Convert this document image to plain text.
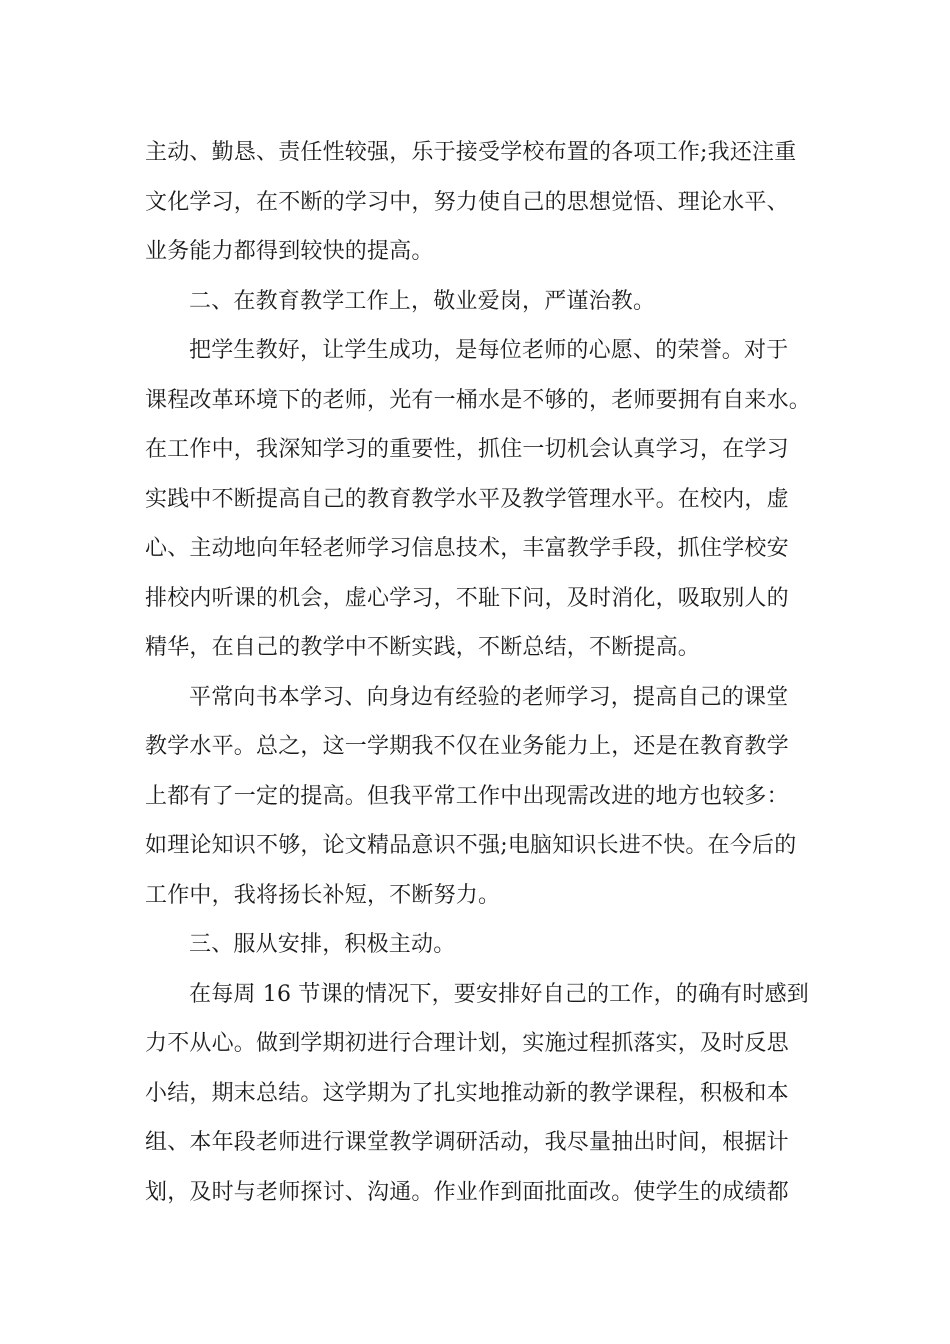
主动、勤恳、责任性较强，乐于接受学校布置的各项工作;我还注重
文化学习，在不断的学习中，努力使自己的思想觉悟、理论水平、
业务能力都得到较快的提高。
二、在教育教学工作上，敬业爱岗，严谨治教。
把学生教好，让学生成功，是每位老师的心愿、的荣誉。对于
课程改革环境下的老师，光有一桶水是不够的，老师要拥有自来水。
在工作中，我深知学习的重要性，抓住一切机会认真学习，在学习
实践中不断提高自己的教育教学水平及教学管理水平。在校内，虚
心、主动地向年轻老师学习信息技术，丰富教学手段，抓住学校安
排校内听课的机会，虚心学习，不耻下问，及时消化，吸取别人的
精华，在自己的教学中不断实践，不断总结，不断提高。
平常向书本学习、向身边有经验的老师学习，提高自己的课堂
教学水平。总之，这一学期我不仅在业务能力上，还是在教育教学
上都有了一定的提高。但我平常工作中出现需改进的地方也较多：
如理论知识不够，论文精品意识不强;电脑知识长进不快。在今后的
工作中，我将扬长补短，不断努力。
三、服从安排，积极主动。
在每周 16 节课的情况下，要安排好自己的工作，的确有时感到
力不从心。做到学期初进行合理计划，实施过程抓落实，及时反思
小结，期末总结。这学期为了扎实地推动新的教学课程，积极和本
组、本年段老师进行课堂教学调研活动，我尽量抽出时间，根据计
划，及时与老师探讨、沟通。作业作到面批面改。使学生的成绩都
